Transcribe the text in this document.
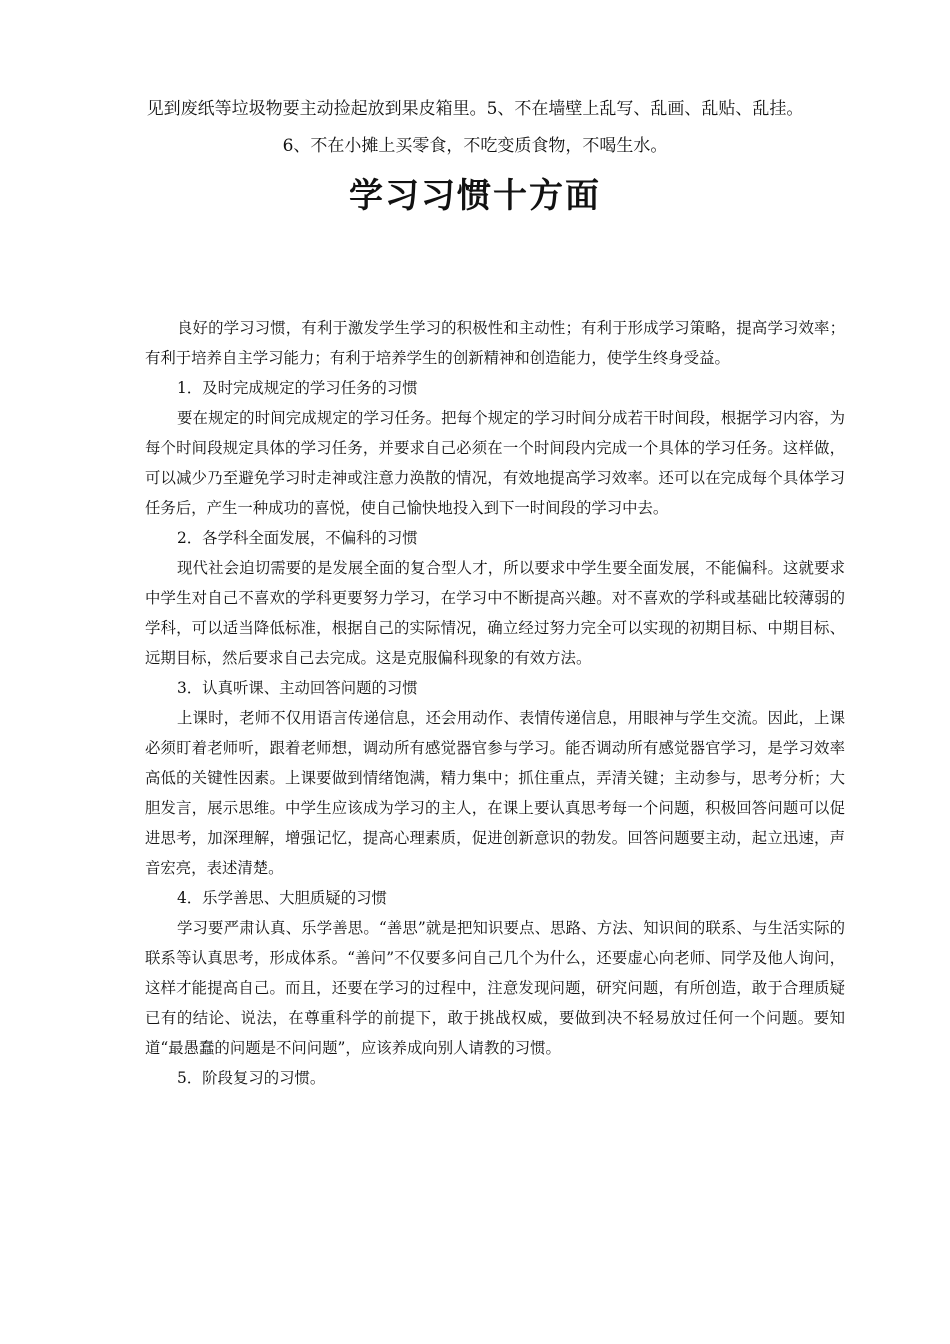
见到废纸等垃圾物要主动捡起放到果皮箱里。5、不在墙壁上乱写、乱画、乱贴、乱挂。
6、不在小摊上买零食，不吃变质食物，不喝生水。
学习习惯十方面

良好的学习习惯，有利于激发学生学习的积极性和主动性；有利于形成学习策略，提高学习效率；有利于培养自主学习能力；有利于培养学生的创新精神和创造能力，使学生终身受益。

1．及时完成规定的学习任务的习惯

要在规定的时间完成规定的学习任务。把每个规定的学习时间分成若干时间段，根据学习内容，为每个时间段规定具体的学习任务，并要求自己必须在一个时间段内完成一个具体的学习任务。这样做，可以减少乃至避免学习时走神或注意力涣散的情况，有效地提高学习效率。还可以在完成每个具体学习任务后，产生一种成功的喜悦，使自己愉快地投入到下一时间段的学习中去。

2．各学科全面发展，不偏科的习惯

现代社会迫切需要的是发展全面的复合型人才，所以要求中学生要全面发展，不能偏科。这就要求中学生对自己不喜欢的学科更要努力学习，在学习中不断提高兴趣。对不喜欢的学科或基础比较薄弱的学科，可以适当降低标准，根据自己的实际情况，确立经过努力完全可以实现的初期目标、中期目标、远期目标，然后要求自己去完成。这是克服偏科现象的有效方法。

3．认真听课、主动回答问题的习惯

上课时，老师不仅用语言传递信息，还会用动作、表情传递信息，用眼神与学生交流。因此，上课必须盯着老师听，跟着老师想，调动所有感觉器官参与学习。能否调动所有感觉器官学习，是学习效率高低的关键性因素。上课要做到情绪饱满，精力集中；抓住重点，弄清关键；主动参与，思考分析；大胆发言，展示思维。中学生应该成为学习的主人，在课上要认真思考每一个问题，积极回答问题可以促进思考，加深理解，增强记忆，提高心理素质，促进创新意识的勃发。回答问题要主动，起立迅速，声音宏亮，表述清楚。

4．乐学善思、大胆质疑的习惯

学习要严肃认真、乐学善思。“善思”就是把知识要点、思路、方法、知识间的联系、与生活实际的联系等认真思考，形成体系。“善问”不仅要多问自己几个为什么，还要虚心向老师、同学及他人询问，这样才能提高自己。而且，还要在学习的过程中，注意发现问题，研究问题，有所创造，敢于合理质疑已有的结论、说法，在尊重科学的前提下，敢于挑战权威，要做到决不轻易放过任何一个问题。要知道“最愚蠢的问题是不问问题”，应该养成向别人请教的习惯。

5．阶段复习的习惯。
